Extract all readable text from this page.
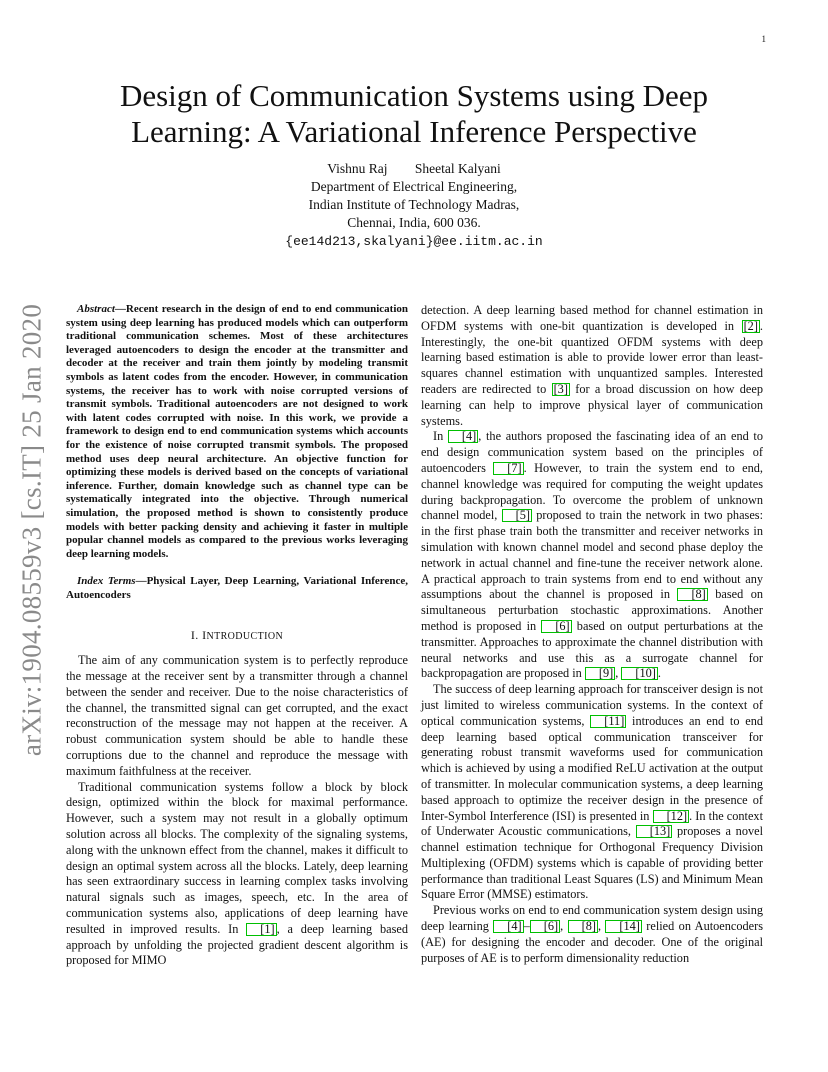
1
arXiv:1904.08559v3 [cs.IT] 25 Jan 2020
Design of Communication Systems using Deep
Learning: A Variational Inference Perspective
Vishnu Raj Sheetal Kalyani
Department of Electrical Engineering,
Indian Institute of Technology Madras,
Chennai, India, 600 036.
{ee14d213,skalyani}@ee.iitm.ac.in

Abstract—Recent research in the design of end to end communication system using deep learning has produced models which can outperform traditional communication schemes. Most of these architectures leveraged autoencoders to design the encoder at the transmitter and decoder at the receiver and train them jointly by modeling transmit symbols as latent codes from the encoder. However, in communication systems, the receiver has to work with noise corrupted versions of transmit symbols. Traditional autoencoders are not designed to work with latent codes corrupted with noise. In this work, we provide a framework to design end to end communication systems which accounts for the existence of noise corrupted transmit symbols. The proposed method uses deep neural architecture. An objective function for optimizing these models is derived based on the concepts of variational inference. Further, domain knowledge such as channel type can be systematically integrated into the objective. Through numerical simulation, the proposed method is shown to consistently produce models with better packing density and achieving it faster in multiple popular channel models as compared to the previous works leveraging deep learning models.

Index Terms—Physical Layer, Deep Learning, Variational Inference, Autoencoders

I. INTRODUCTION

The aim of any communication system is to perfectly reproduce the message at the receiver sent by a transmitter through a channel between the sender and receiver. Due to the noise characteristics of the channel, the transmitted signal can get corrupted, and the exact reconstruction of the message may not happen at the receiver. A robust communication system should be able to handle these corruptions due to the channel and reproduce the message with maximum faithfulness at the receiver.

Traditional communication systems follow a block by block design, optimized within the block for maximal performance. However, such a system may not result in a globally optimum solution across all blocks. The complexity of the signaling systems, along with the unknown effect from the channel, makes it difficult to design an optimal system across all the blocks. Lately, deep learning has seen extraordinary success in learning complex tasks involving natural signals such as images, speech, etc. In the area of communication systems also, applications of deep learning have resulted in improved results. In [1] , a deep learning based approach by unfolding the projected gradient descent algorithm is proposed for MIMO

detection. A deep learning based method for channel estimation in OFDM systems with one-bit quantization is developed in [2] . Interestingly, the one-bit quantized OFDM systems with deep learning based estimation is able to provide lower error than least-squares channel estimation with unquantized samples. Interested readers are redirected to [3] for a broad discussion on how deep learning can help to improve physical layer of communication systems.

In [4] , the authors proposed the fascinating idea of an end to end design communication system based on the principles of autoencoders [7] . However, to train the system end to end, channel knowledge was required for computing the weight updates during backpropagation. To overcome the problem of unknown channel model, [5] proposed to train the network in two phases: in the first phase train both the transmitter and receiver networks in simulation with known channel model and second phase deploy the network in actual channel and fine-tune the receiver network alone. A practical approach to train systems from end to end without any assumptions about the channel is proposed in [8] based on simultaneous perturbation stochastic approximations. Another method is proposed in [6] based on output perturbations at the transmitter. Approaches to approximate the channel distribution with neural networks and use this as a surrogate channel for backpropagation are proposed in [9] , [10] .

The success of deep learning approach for transceiver design is not just limited to wireless communication systems. In the context of optical communication systems, [11] introduces an end to end deep learning based optical communication transceiver for generating robust transmit waveforms used for communication which is achieved by using a modified ReLU activation at the output of transmitter. In molecular communication systems, a deep learning based approach to optimize the receiver design in the presence of Inter-Symbol Interference (ISI) is presented in [12] . In the context of Underwater Acoustic communications, [13] proposes a novel channel estimation technique for Orthogonal Frequency Division Multiplexing (OFDM) systems which is capable of providing better performance than traditional Least Squares (LS) and Minimum Mean Square Error (MMSE) estimators.

Previous works on end to end communication system design using deep learning [4] – [6] , [8] , [14] relied on Autoencoders (AE) for designing the encoder and decoder. One of the original purposes of AE is to perform dimensionality reduction
